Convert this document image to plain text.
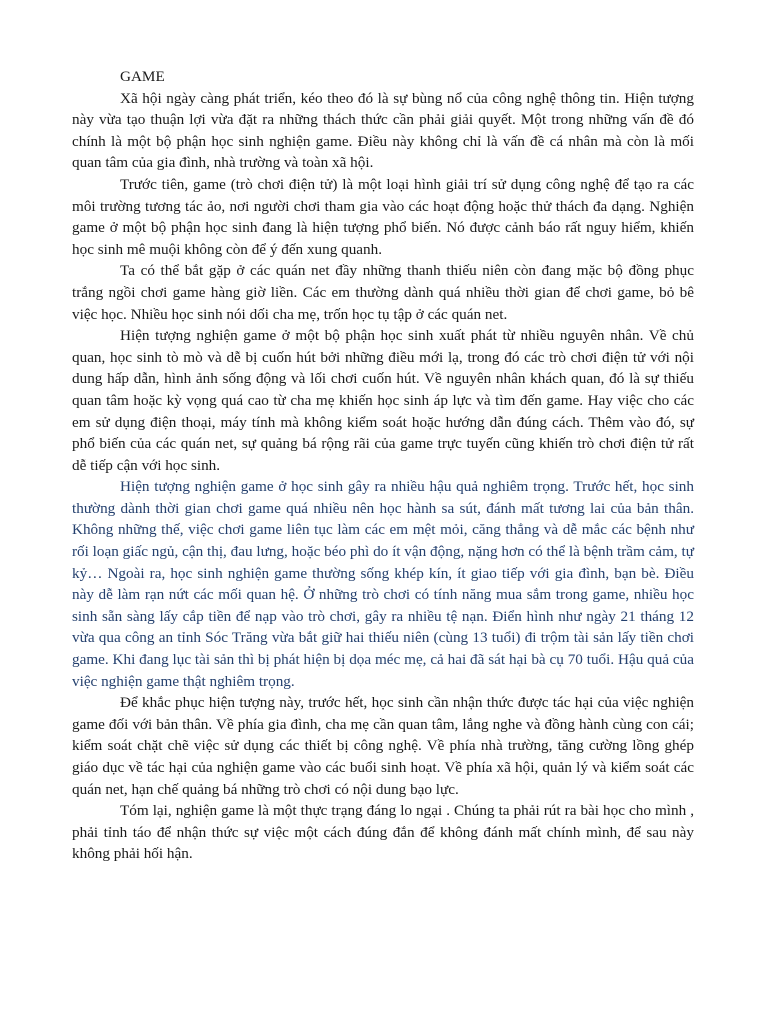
GAME

Xã hội ngày càng phát triển, kéo theo đó là sự bùng nổ của công nghệ thông tin. Hiện tượng này vừa tạo thuận lợi vừa đặt ra những thách thức cần phải giải quyết. Một trong những vấn đề đó chính là một bộ phận học sinh nghiện game. Điều này không chỉ là vấn đề cá nhân mà còn là mối quan tâm của gia đình, nhà trường và toàn xã hội.

Trước tiên, game (trò chơi điện tử) là một loại hình giải trí sử dụng công nghệ để tạo ra các môi trường tương tác ảo, nơi người chơi tham gia vào các hoạt động hoặc thử thách đa dạng. Nghiện game ở một bộ phận học sinh đang là hiện tượng phổ biến. Nó được cảnh báo rất nguy hiểm, khiến học sinh mê muội không còn để ý đến xung quanh.

Ta có thể bắt gặp ở các quán net đầy những thanh thiếu niên còn đang mặc bộ đồng phục trắng ngồi chơi game hàng giờ liền. Các em thường dành quá nhiều thời gian để chơi game, bỏ bê việc học. Nhiều học sinh nói dối cha mẹ, trốn học tụ tập ở các quán net.

Hiện tượng nghiện game ở một bộ phận học sinh xuất phát từ nhiều nguyên nhân. Về chủ quan, học sinh tò mò và dễ bị cuốn hút bởi những điều mới lạ, trong đó các trò chơi điện tử với nội dung hấp dẫn, hình ảnh sống động và lối chơi cuốn hút. Về nguyên nhân khách quan, đó là sự thiếu quan tâm hoặc kỳ vọng quá cao từ cha mẹ khiến học sinh áp lực và tìm đến game. Hay việc cho các em sử dụng điện thoại, máy tính mà không kiểm soát hoặc hướng dẫn đúng cách. Thêm vào đó, sự phổ biến của các quán net, sự quảng bá rộng rãi của game trực tuyến cũng khiến trò chơi điện tử rất dễ tiếp cận với học sinh.

Hiện tượng nghiện game ở học sinh gây ra nhiều hậu quả nghiêm trọng. Trước hết, học sinh thường dành thời gian chơi game quá nhiều nên học hành sa sút, đánh mất tương lai của bản thân. Không những thế, việc chơi game liên tục làm các em mệt mỏi, căng thẳng và dễ mắc các bệnh như rối loạn giấc ngủ, cận thị, đau lưng, hoặc béo phì do ít vận động, nặng hơn có thể là bệnh trầm cảm, tự kỷ… Ngoài ra, học sinh nghiện game thường sống khép kín, ít giao tiếp với gia đình, bạn bè. Điều này dễ làm rạn nứt các mối quan hệ. Ở những trò chơi có tính năng mua sắm trong game, nhiều học sinh sẵn sàng lấy cắp tiền để nạp vào trò chơi, gây ra nhiều tệ nạn. Điển hình như ngày 21 tháng 12 vừa qua công an tỉnh Sóc Trăng vừa bắt giữ hai thiếu niên (cùng 13 tuổi) đi trộm tài sản lấy tiền chơi game. Khi đang lục tài sản thì bị phát hiện bị dọa méc mẹ, cả hai đã sát hại bà cụ 70 tuổi. Hậu quả của việc nghiện game thật nghiêm trọng.

Để khắc phục hiện tượng này, trước hết, học sinh cần nhận thức được tác hại của việc nghiện game đối với bản thân. Về phía gia đình, cha mẹ cần quan tâm, lắng nghe và đồng hành cùng con cái; kiểm soát chặt chẽ việc sử dụng các thiết bị công nghệ. Về phía nhà trường, tăng cường lồng ghép giáo dục về tác hại của nghiện game vào các buổi sinh hoạt. Về phía xã hội, quản lý và kiểm soát các quán net, hạn chế quảng bá những trò chơi có nội dung bạo lực.

Tóm lại, nghiện game là một thực trạng đáng lo ngại . Chúng ta phải rút ra bài học cho mình , phải tỉnh táo để nhận thức sự việc một cách đúng đắn để không đánh mất chính mình, để sau này không phải hối hận.
